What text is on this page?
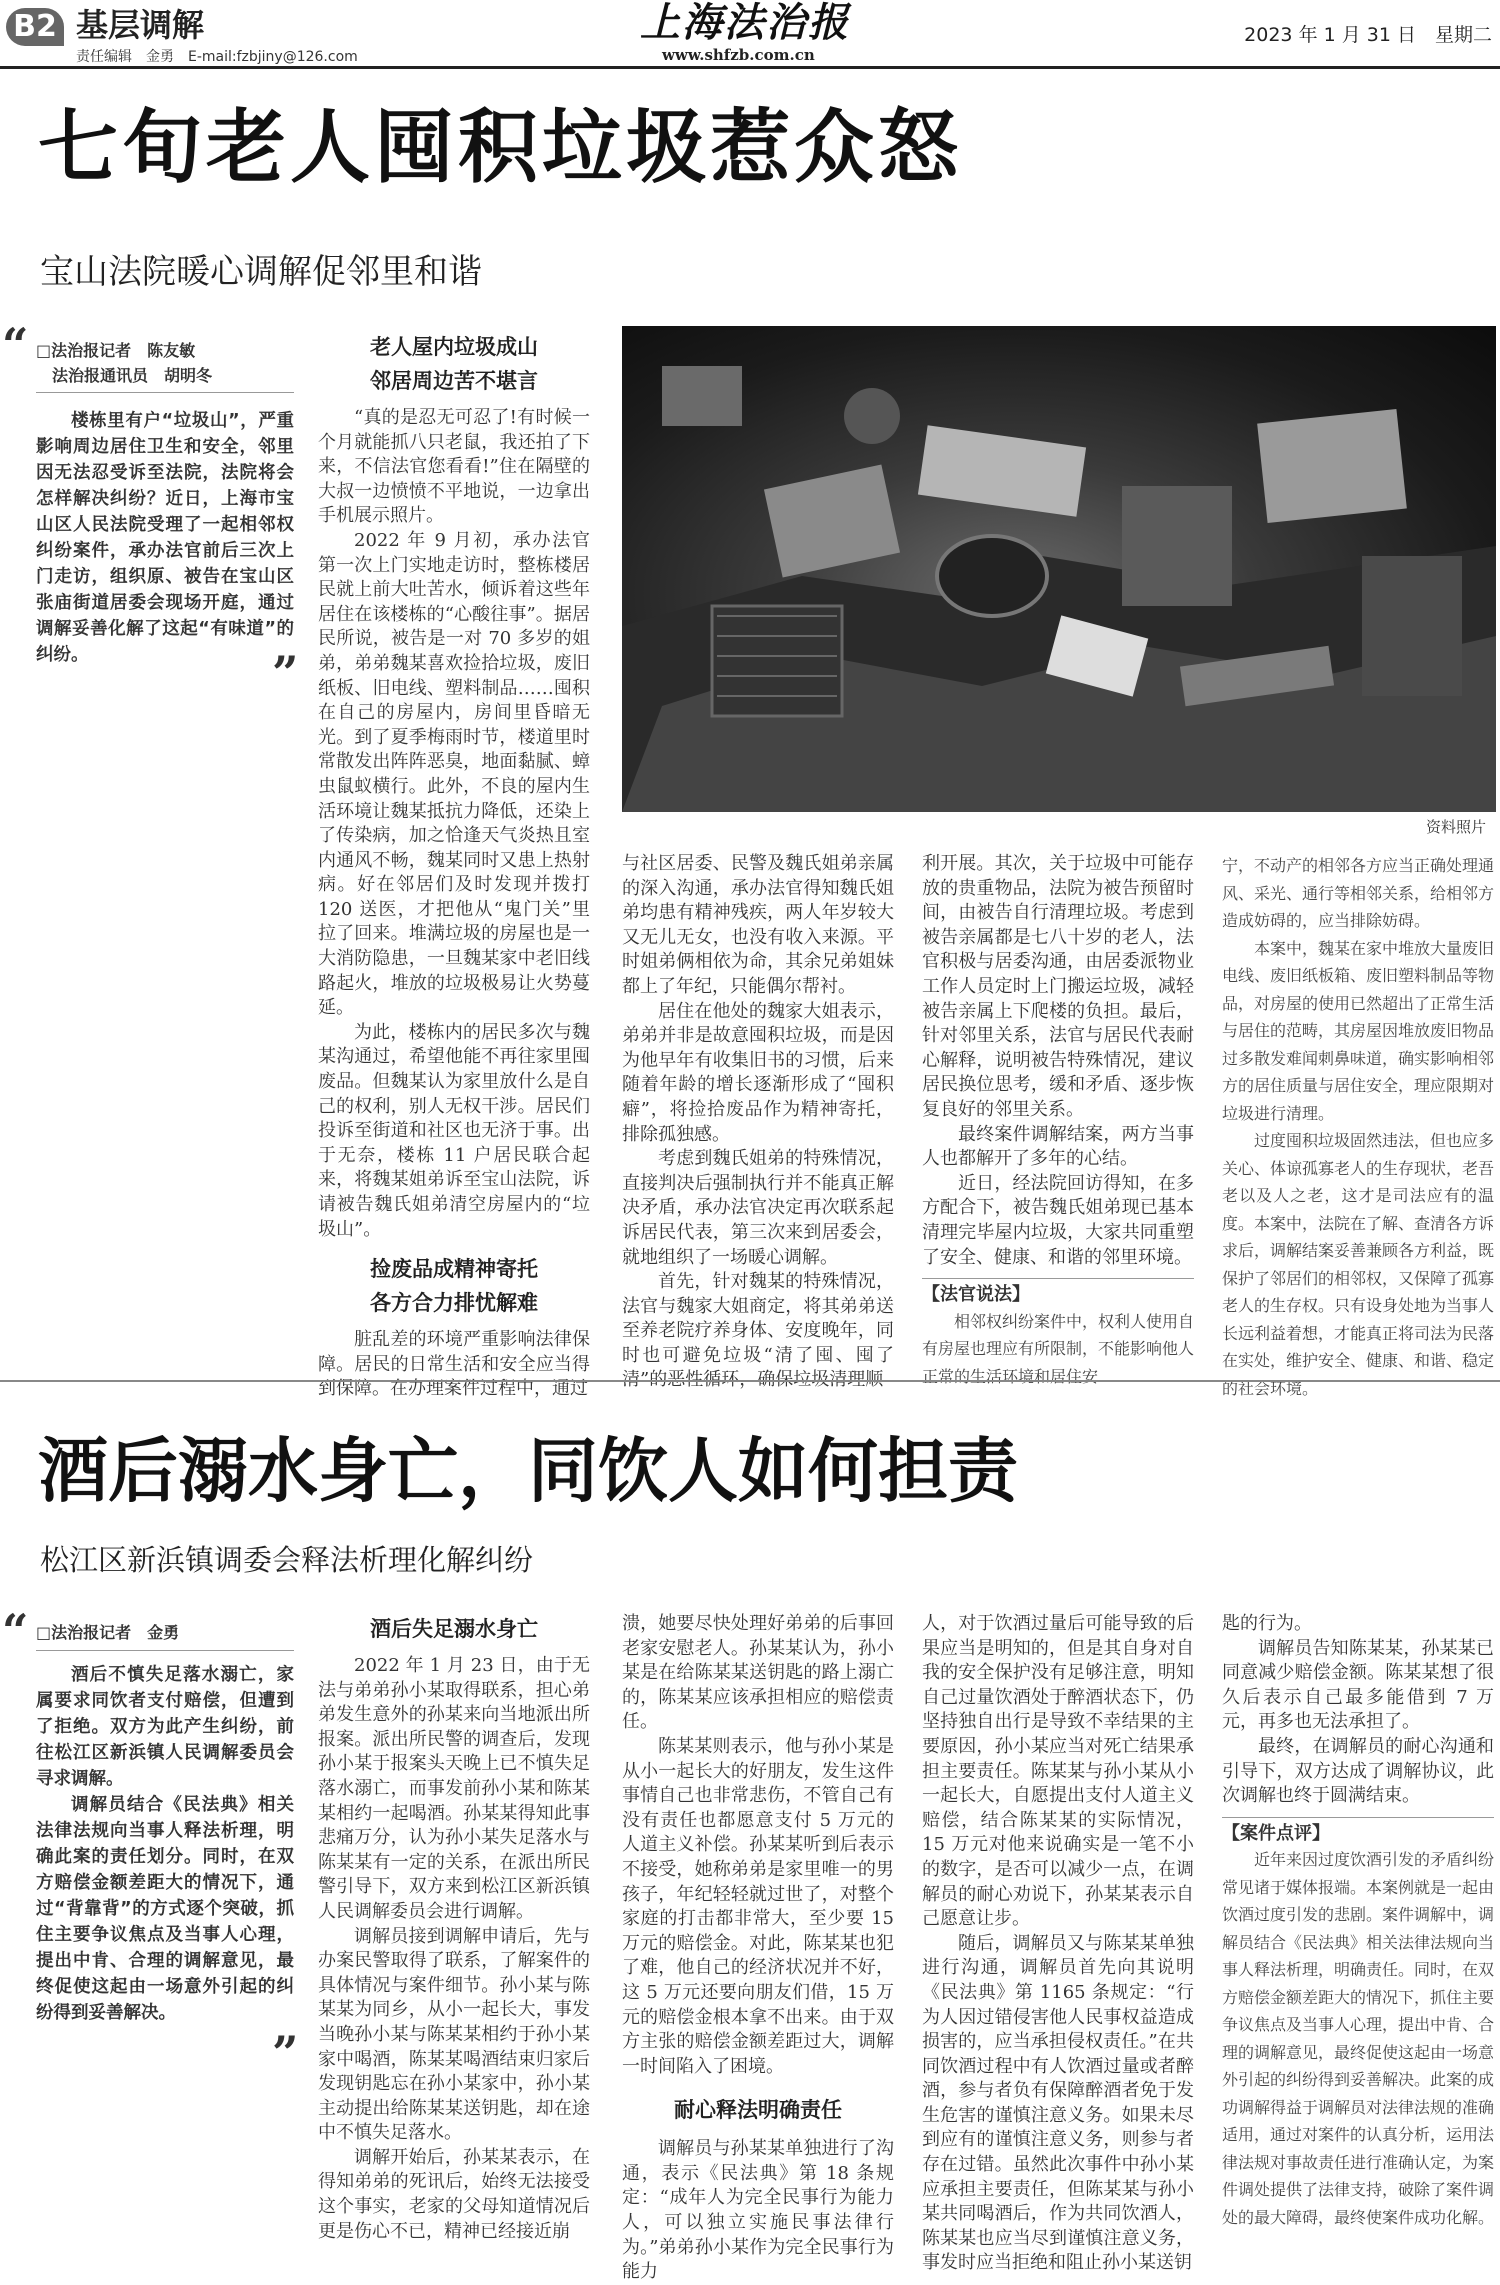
B2 基层调解
责任编辑　金勇　E-mail:fzbjiny@126.com
上海法治报
www.shfzb.com.cn
2023 年 1 月 31 日　星期二
七旬老人囤积垃圾惹众怒
宝山法院暖心调解促邻里和谐
“ □法治报记者　陈友敏
法治报通讯员　胡明冬

楼栋里有户“垃圾山”，严重影响周边居住卫生和安全，邻里因无法忍受诉至法院，法院将会怎样解决纠纷？近日，上海市宝山区人民法院受理了一起相邻权纠纷案件，承办法官前后三次上门走访，组织原、被告在宝山区张庙街道居委会现场开庭，通过调解妥善化解了这起“有味道”的纠纷。	”
老人屋内垃圾成山
邻居周边苦不堪言

“真的是忍无可忍了!有时候一个月就能抓八只老鼠，我还拍了下来，不信法官您看看!”住在隔壁的大叔一边愤愤不平地说，一边拿出手机展示照片。

2022 年 9 月初，承办法官第一次上门实地走访时，整栋楼居民就上前大吐苦水，倾诉着这些年居住在该楼栋的“心酸往事”。据居民所说，被告是一对 70 多岁的姐弟，弟弟魏某喜欢捡拾垃圾，废旧纸板、旧电线、塑料制品……囤积在自己的房屋内，房间里昏暗无光。到了夏季梅雨时节，楼道里时常散发出阵阵恶臭，地面黏腻、蟑虫鼠蚁横行。此外，不良的屋内生活环境让魏某抵抗力降低，还染上了传染病，加之恰逢天气炎热且室内通风不畅，魏某同时又患上热射病。好在邻居们及时发现并拨打 120 送医，才把他从“鬼门关”里拉了回来。堆满垃圾的房屋也是一大消防隐患，一旦魏某家中老旧线路起火，堆放的垃圾极易让火势蔓延。

为此，楼栋内的居民多次与魏某沟通过，希望他能不再往家里囤废品。但魏某认为家里放什么是自己的权利，别人无权干涉。居民们投诉至街道和社区也无济于事。出于无奈，楼栋 11 户居民联合起来，将魏某姐弟诉至宝山法院，诉请被告魏氏姐弟清空房屋内的“垃圾山”。

捡废品成精神寄托
各方合力排忧解难

脏乱差的环境严重影响法律保障。居民的日常生活和安全应当得到保障。在办理案件过程中，通过

资料照片

与社区居委、民警及魏氏姐弟亲属的深入沟通，承办法官得知魏氏姐弟均患有精神残疾，两人年岁较大又无儿无女，也没有收入来源。平时姐弟俩相依为命，其余兄弟姐妹都上了年纪，只能偶尔帮衬。

居住在他处的魏家大姐表示，弟弟并非是故意囤积垃圾，而是因为他早年有收集旧书的习惯，后来随着年龄的增长逐渐形成了“囤积癖”，将捡拾废品作为精神寄托，排除孤独感。

考虑到魏氏姐弟的特殊情况，直接判决后强制执行并不能真正解决矛盾，承办法官决定再次联系起诉居民代表，第三次来到居委会，就地组织了一场暖心调解。

首先，针对魏某的特殊情况，法官与魏家大姐商定，将其弟弟送至养老院疗养身体、安度晚年，同时也可避免垃圾“清了囤、囤了清”的恶性循环，确保垃圾清理顺

利开展。其次，关于垃圾中可能存放的贵重物品，法院为被告预留时间，由被告自行清理垃圾。考虑到被告亲属都是七八十岁的老人，法官积极与居委沟通，由居委派物业工作人员定时上门搬运垃圾，减轻被告亲属上下爬楼的负担。最后，针对邻里关系，法官与居民代表耐心解释，说明被告特殊情况，建议居民换位思考，缓和矛盾、逐步恢复良好的邻里关系。

最终案件调解结案，两方当事人也都解开了多年的心结。

近日，经法院回访得知，在多方配合下，被告魏氏姐弟现已基本清理完毕屋内垃圾，大家共同重塑了安全、健康、和谐的邻里环境。

【法官说法】

相邻权纠纷案件中，权利人使用自有房屋也理应有所限制，不能影响他人正常的生活环境和居住安

宁，不动产的相邻各方应当正确处理通风、采光、通行等相邻关系，给相邻方造成妨碍的，应当排除妨碍。

本案中，魏某在家中堆放大量废旧电线、废旧纸板箱、废旧塑料制品等物品，对房屋的使用已然超出了正常生活与居住的范畴，其房屋因堆放废旧物品过多散发难闻刺鼻味道，确实影响相邻方的居住质量与居住安全，理应限期对垃圾进行清理。

过度囤积垃圾固然违法，但也应多关心、体谅孤寡老人的生存现状，老吾老以及人之老，这才是司法应有的温度。本案中，法院在了解、查清各方诉求后，调解结案妥善兼顾各方利益，既保护了邻居们的相邻权，又保障了孤寡老人的生存权。只有设身处地为当事人长远利益着想，才能真正将司法为民落在实处，维护安全、健康、和谐、稳定的社会环境。

酒后溺水身亡，同饮人如何担责
松江区新浜镇调委会释法析理化解纠纷
“ □法治报记者　金勇

酒后不慎失足落水溺亡，家属要求同饮者支付赔偿，但遭到了拒绝。双方为此产生纠纷，前往松江区新浜镇人民调解委员会寻求调解。

调解员结合《民法典》相关法律法规向当事人释法析理，明确此案的责任划分。同时，在双方赔偿金额差距大的情况下，通过“背靠背”的方式逐个突破，抓住主要争议焦点及当事人心理，提出中肯、合理的调解意见，最终促使这起由一场意外引起的纠纷得到妥善解决。

”
酒后失足溺水身亡

2022 年 1 月 23 日，由于无法与弟弟孙小某取得联系，担心弟弟发生意外的孙某来向当地派出所报案。派出所民警的调查后，发现孙小某于报案头天晚上已不慎失足落水溺亡，而事发前孙小某和陈某某相约一起喝酒。孙某某得知此事悲痛万分，认为孙小某失足落水与陈某某有一定的关系，在派出所民警引导下，双方来到松江区新浜镇人民调解委员会进行调解。

调解员接到调解申请后，先与办案民警取得了联系，了解案件的具体情况与案件细节。孙小某与陈某某为同乡，从小一起长大，事发当晚孙小某与陈某某相约于孙小某家中喝酒，陈某某喝酒结束归家后发现钥匙忘在孙小某家中，孙小某主动提出给陈某某送钥匙，却在途中不慎失足落水。

调解开始后，孙某某表示，在得知弟弟的死讯后，始终无法接受这个事实，老家的父母知道情况后更是伤心不已，精神已经接近崩

溃，她要尽快处理好弟弟的后事回老家安慰老人。孙某某认为，孙小某是在给陈某某送钥匙的路上溺亡的，陈某某应该承担相应的赔偿责任。

陈某某则表示，他与孙小某是从小一起长大的好朋友，发生这件事情自己也非常悲伤，不管自己有没有责任也都愿意支付 5 万元的人道主义补偿。孙某某听到后表示不接受，她称弟弟是家里唯一的男孩子，年纪轻轻就过世了，对整个家庭的打击都非常大，至少要 15 万元的赔偿金。对此，陈某某也犯了难，他自己的经济状况并不好，这 5 万元还要向朋友们借，15 万元的赔偿金根本拿不出来。由于双方主张的赔偿金额差距过大，调解一时间陷入了困境。

耐心释法明确责任

调解员与孙某某单独进行了沟通，表示《民法典》第 18 条规定：“成年人为完全民事行为能力人，可以独立实施民事法律行为。”弟弟孙小某作为完全民事行为能力

人，对于饮酒过量后可能导致的后果应当是明知的，但是其自身对自我的安全保护没有足够注意，明知自己过量饮酒处于醉酒状态下，仍坚持独自出行是导致不幸结果的主要原因，孙小某应当对死亡结果承担主要责任。陈某某与孙小某从小一起长大，自愿提出支付人道主义赔偿，结合陈某某的实际情况，15 万元对他来说确实是一笔不小的数字，是否可以减少一点，在调解员的耐心劝说下，孙某某表示自己愿意让步。

随后，调解员又与陈某某单独进行沟通，调解员首先向其说明《民法典》第 1165 条规定：“行为人因过错侵害他人民事权益造成损害的，应当承担侵权责任。”在共同饮酒过程中有人饮酒过量或者醉酒，参与者负有保障醉酒者免于发生危害的谨慎注意义务。如果未尽到应有的谨慎注意义务，则参与者存在过错。虽然此次事件中孙小某应承担主要责任，但陈某某与孙小某共同喝酒后，作为共同饮酒人，陈某某也应当尽到谨慎注意义务，事发时应当拒绝和阻止孙小某送钥

匙的行为。

调解员告知陈某某，孙某某已同意减少赔偿金额。陈某某想了很久后表示自己最多能借到 7 万元，再多也无法承担了。

最终，在调解员的耐心沟通和引导下，双方达成了调解协议，此次调解也终于圆满结束。

【案件点评】

近年来因过度饮酒引发的矛盾纠纷常见诸于媒体报端。本案例就是一起由饮酒过度引发的悲剧。案件调解中，调解员结合《民法典》相关法律法规向当事人释法析理，明确责任。同时，在双方赔偿金额差距大的情况下，抓住主要争议焦点及当事人心理，提出中肯、合理的调解意见，最终促使这起由一场意外引起的纠纷得到妥善解决。此案的成功调解得益于调解员对法律法规的准确适用，通过对案件的认真分析，运用法律法规对事故责任进行准确认定，为案件调处提供了法律支持，破除了案件调处的最大障碍，最终使案件成功化解。
